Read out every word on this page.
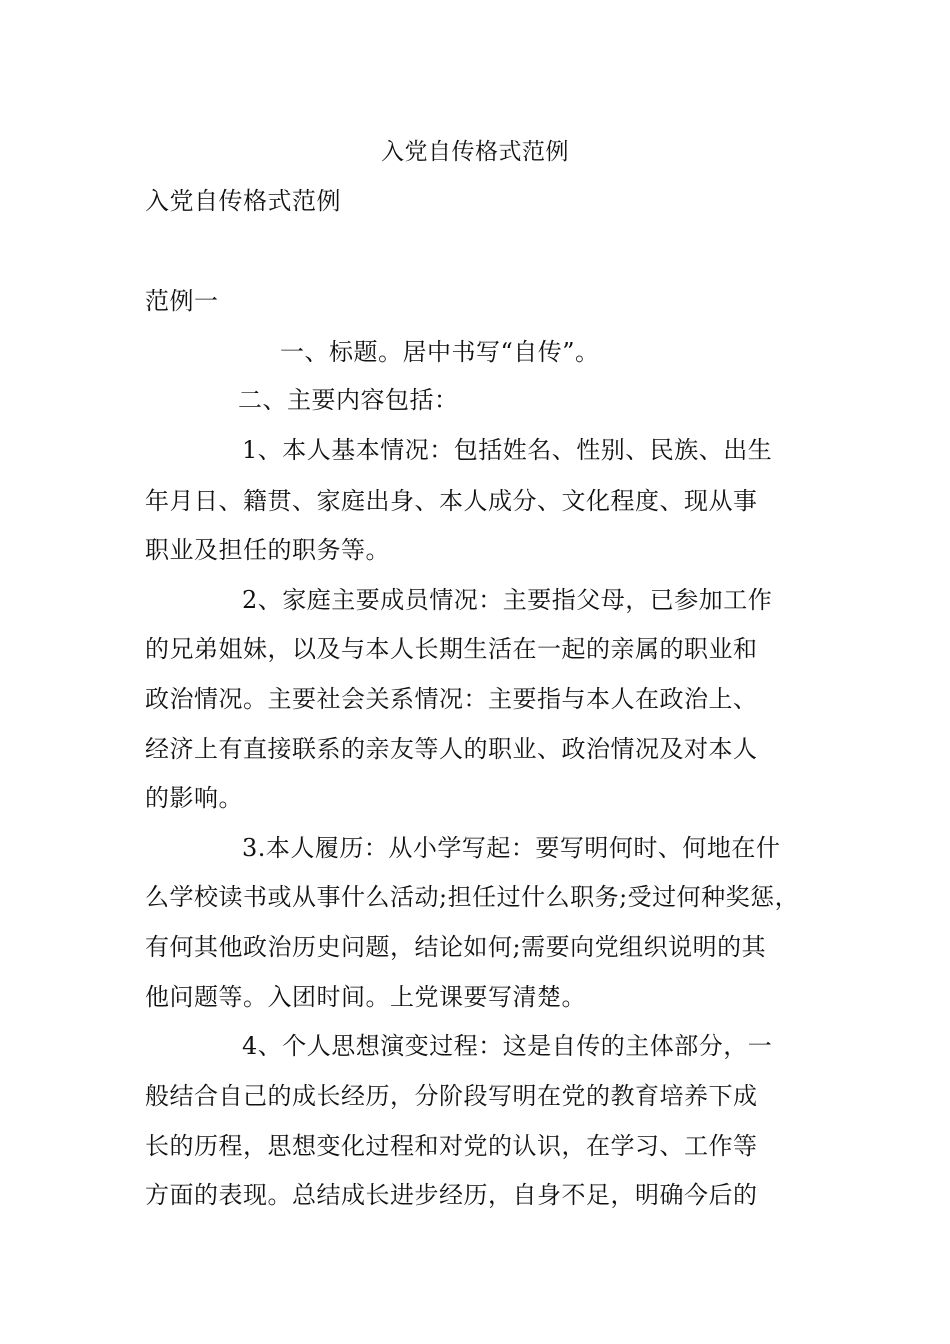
入党自传格式范例
入党自传格式范例
范例一
一、标题。居中书写“自传”。
二、主要内容包括：
1、本人基本情况：包括姓名、性别、民族、出生
年月日、籍贯、家庭出身、本人成分、文化程度、现从事
职业及担任的职务等。
2、家庭主要成员情况：主要指父母，已参加工作
的兄弟姐妹，以及与本人长期生活在一起的亲属的职业和
政治情况。主要社会关系情况：主要指与本人在政治上、
经济上有直接联系的亲友等人的职业、政治情况及对本人
的影响。
3.本人履历：从小学写起：要写明何时、何地在什
么学校读书或从事什么活动;担任过什么职务;受过何种奖惩，
有何其他政治历史问题，结论如何;需要向党组织说明的其
他问题等。入团时间。上党课要写清楚。
4、个人思想演变过程：这是自传的主体部分，一
般结合自己的成长经历，分阶段写明在党的教育培养下成
长的历程，思想变化过程和对党的认识，在学习、工作等
方面的表现。总结成长进步经历，自身不足，明确今后的
